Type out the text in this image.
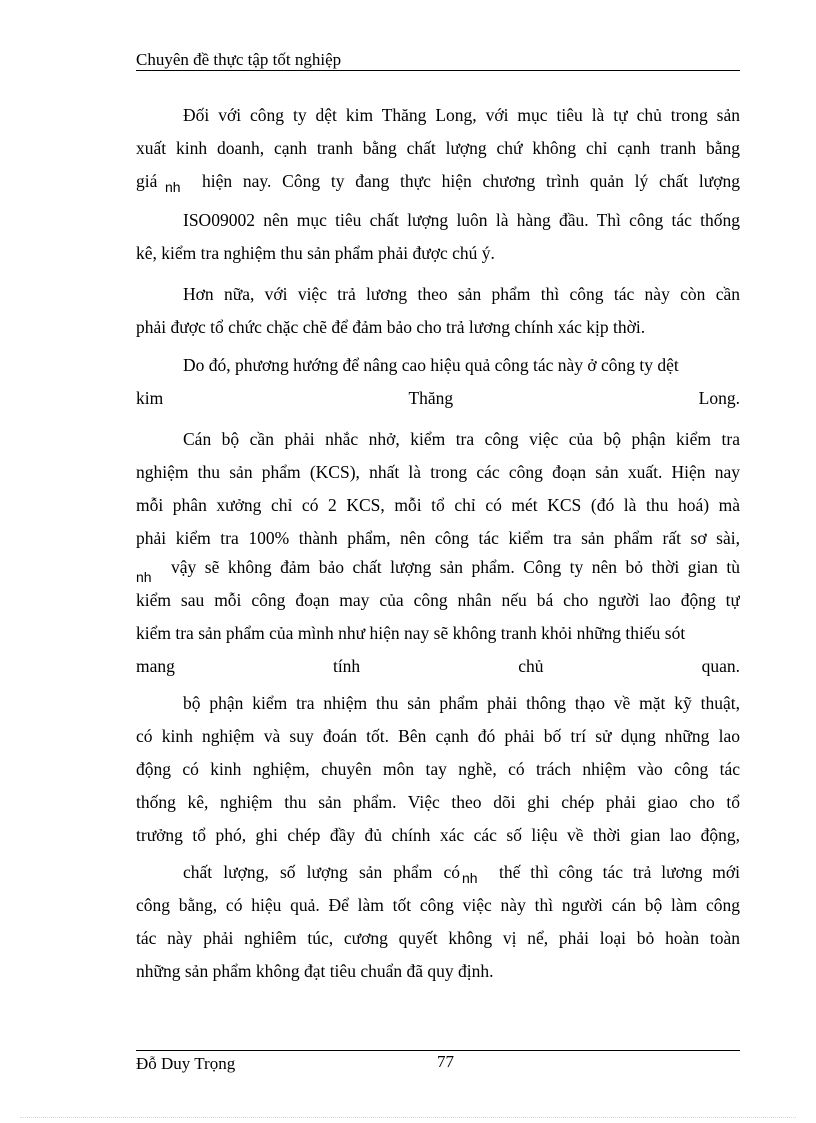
Chuyên đề thực tập tốt nghiệp
Đối với công ty dệt kim Thăng Long, với mục tiêu là tự chủ trong sản
xuất kinh doanh, cạnh tranh bằng chất lượng chứ không chỉ cạnh tranh bằng
giá $_{nh}$ hiện nay. Công ty đang thực hiện chương trình quản lý chất lượng
ISO09002 nên mục tiêu chất lượng luôn là hàng đầu. Thì công tác thống
kê, kiểm tra nghiệm thu sản phẩm phải được chú ý.
Hơn nữa, với việc trả lương theo sản phẩm thì công tác này còn cần
phải được tổ chức chặc chẽ để đảm bảo cho trả lương chính xác kịp thời.
Do đó, phương hướng để nâng cao hiệu quả công tác này ở công ty dệt
kim Thăng Long.
Cán bộ cần phải nhắc nhở, kiểm tra công việc của bộ phận kiểm tra
nghiệm thu sản phẩm (KCS), nhất là trong các công đoạn sản xuất. Hiện nay
mỗi phân xưởng chỉ có 2 KCS, mỗi tổ chỉ có mét KCS (đó là thu hoá) mà
phải kiểm tra 100% thành phẩm, nên công tác kiểm tra sản phẩm rất sơ sài,
$_{nh}$ vậy sẽ không đảm bảo chất lượng sản phẩm. Công ty nên bỏ thời gian tù
kiểm sau mỗi công đoạn may của công nhân nếu bá cho người lao động tự
kiểm tra sản phẩm của mình như hiện nay sẽ không tranh khỏi những thiếu sót
mang tính chủ quan.
bộ phận kiểm tra nhiệm thu sản phẩm phải thông thạo về mặt kỹ thuật,
có kinh nghiệm và suy đoán tốt. Bên cạnh đó phải bố trí sử dụng những lao
động có kinh nghiệm, chuyên môn tay nghề, có trách nhiệm vào công tác
thống kê, nghiệm thu sản phẩm. Việc theo dõi ghi chép phải giao cho tổ
trưởng tổ phó, ghi chép đầy đủ chính xác các số liệu về thời gian lao động,
chất lượng, số lượng sản phẩm có $_{nh}$ thế thì công tác trả lương mới
công bằng, có hiệu quả. Để làm tốt công việc này thì người cán bộ làm công
tác này phải nghiêm túc, cương quyết không vị nể, phải loại bỏ hoàn toàn
những sản phẩm không đạt tiêu chuẩn đã quy định.
Đỗ Duy Trọng	77
